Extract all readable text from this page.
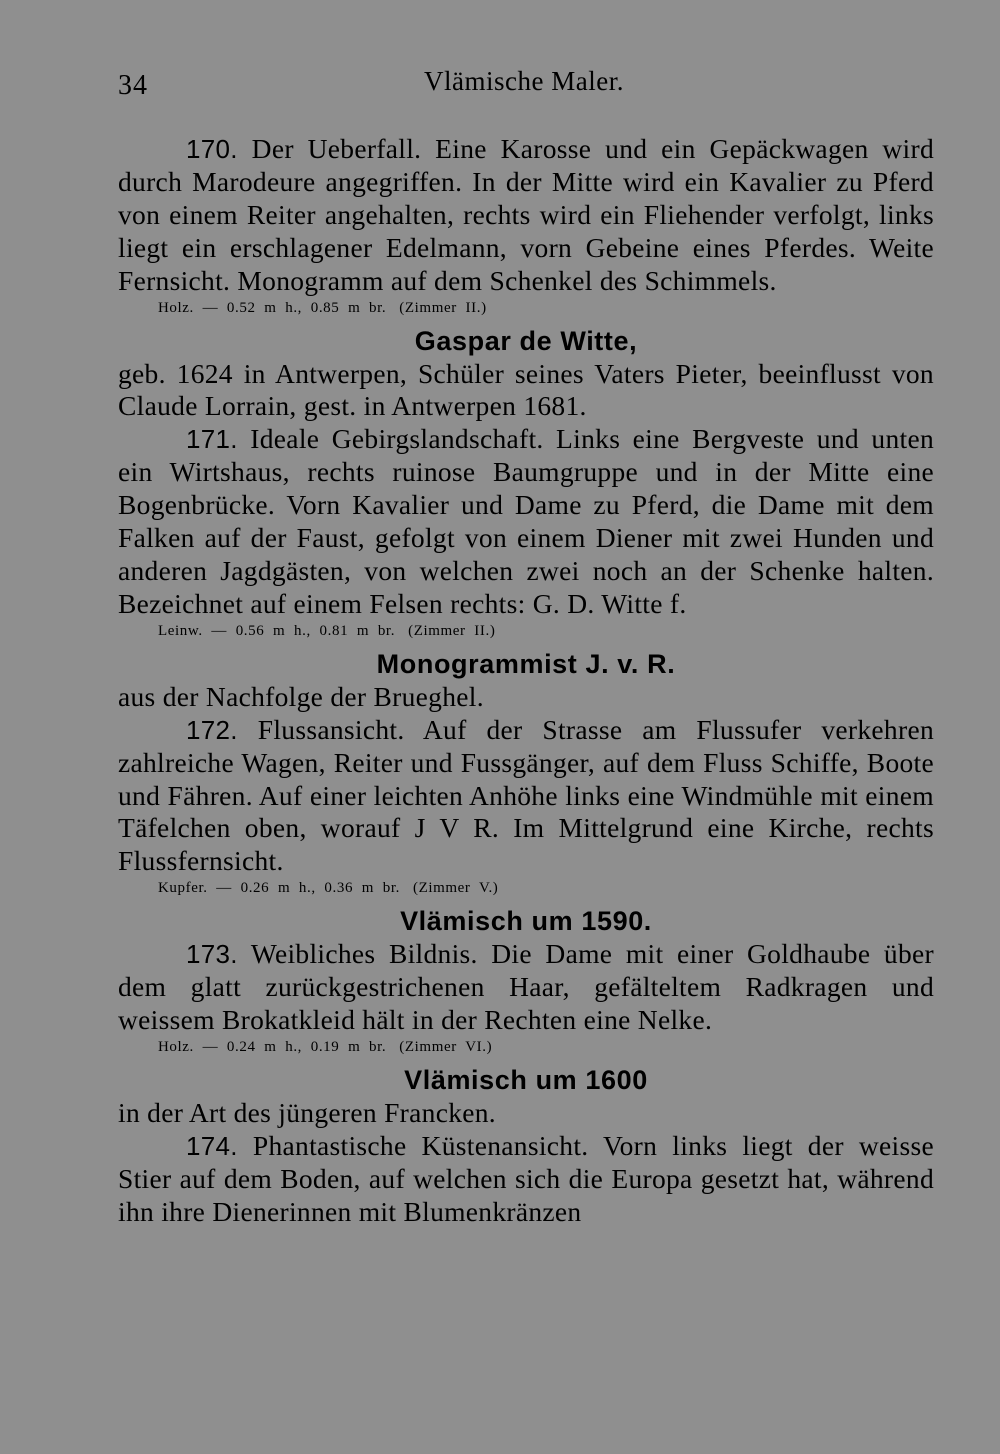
34	Vlämische Maler.

170. Der Ueberfall. Eine Karosse und ein Gepäckwagen wird durch Marodeure angegriffen. In der Mitte wird ein Kavalier zu Pferd von einem Reiter angehalten, rechts wird ein Fliehender verfolgt, links liegt ein erschlagener Edelmann, vorn Gebeine eines Pferdes. Weite Fernsicht. Monogramm auf dem Schenkel des Schimmels.

Holz.  —  0.52  m  h.,  0.85  m  br.   (Zimmer  II.)

Gaspar de Witte,

geb. 1624 in Antwerpen, Schüler seines Vaters Pieter, beeinflusst von Claude Lorrain, gest. in Antwerpen 1681.

171. Ideale Gebirgslandschaft. Links eine Bergveste und unten ein Wirtshaus, rechts ruinose Baumgruppe und in der Mitte eine Bogenbrücke. Vorn Kavalier und Dame zu Pferd, die Dame mit dem Falken auf der Faust, gefolgt von einem Diener mit zwei Hunden und anderen Jagdgästen, von welchen zwei noch an der Schenke halten. Bezeichnet auf einem Felsen rechts: G. D. Witte f.

Leinw.  —  0.56  m  h.,  0.81  m  br.   (Zimmer  II.)

Monogrammist J. v. R.

aus der Nachfolge der Brueghel.

172. Flussansicht. Auf der Strasse am Flussufer verkehren zahlreiche Wagen, Reiter und Fussgänger, auf dem Fluss Schiffe, Boote und Fähren. Auf einer leichten Anhöhe links eine Windmühle mit einem Täfelchen oben, worauf J V R. Im Mittelgrund eine Kirche, rechts Flussfernsicht.

Kupfer.  —  0.26  m  h.,  0.36  m  br.   (Zimmer  V.)

Vlämisch um 1590.

173. Weibliches Bildnis. Die Dame mit einer Goldhaube über dem glatt zurückgestrichenen Haar, gefälteltem Radkragen und weissem Brokatkleid hält in der Rechten eine Nelke.

Holz.  —  0.24  m  h.,  0.19  m  br.   (Zimmer  VI.)

Vlämisch um 1600

in der Art des jüngeren Francken.

174. Phantastische Küstenansicht. Vorn links liegt der weisse Stier auf dem Boden, auf welchen sich die Europa gesetzt hat, während ihn ihre Dienerinnen mit Blumenkränzen
